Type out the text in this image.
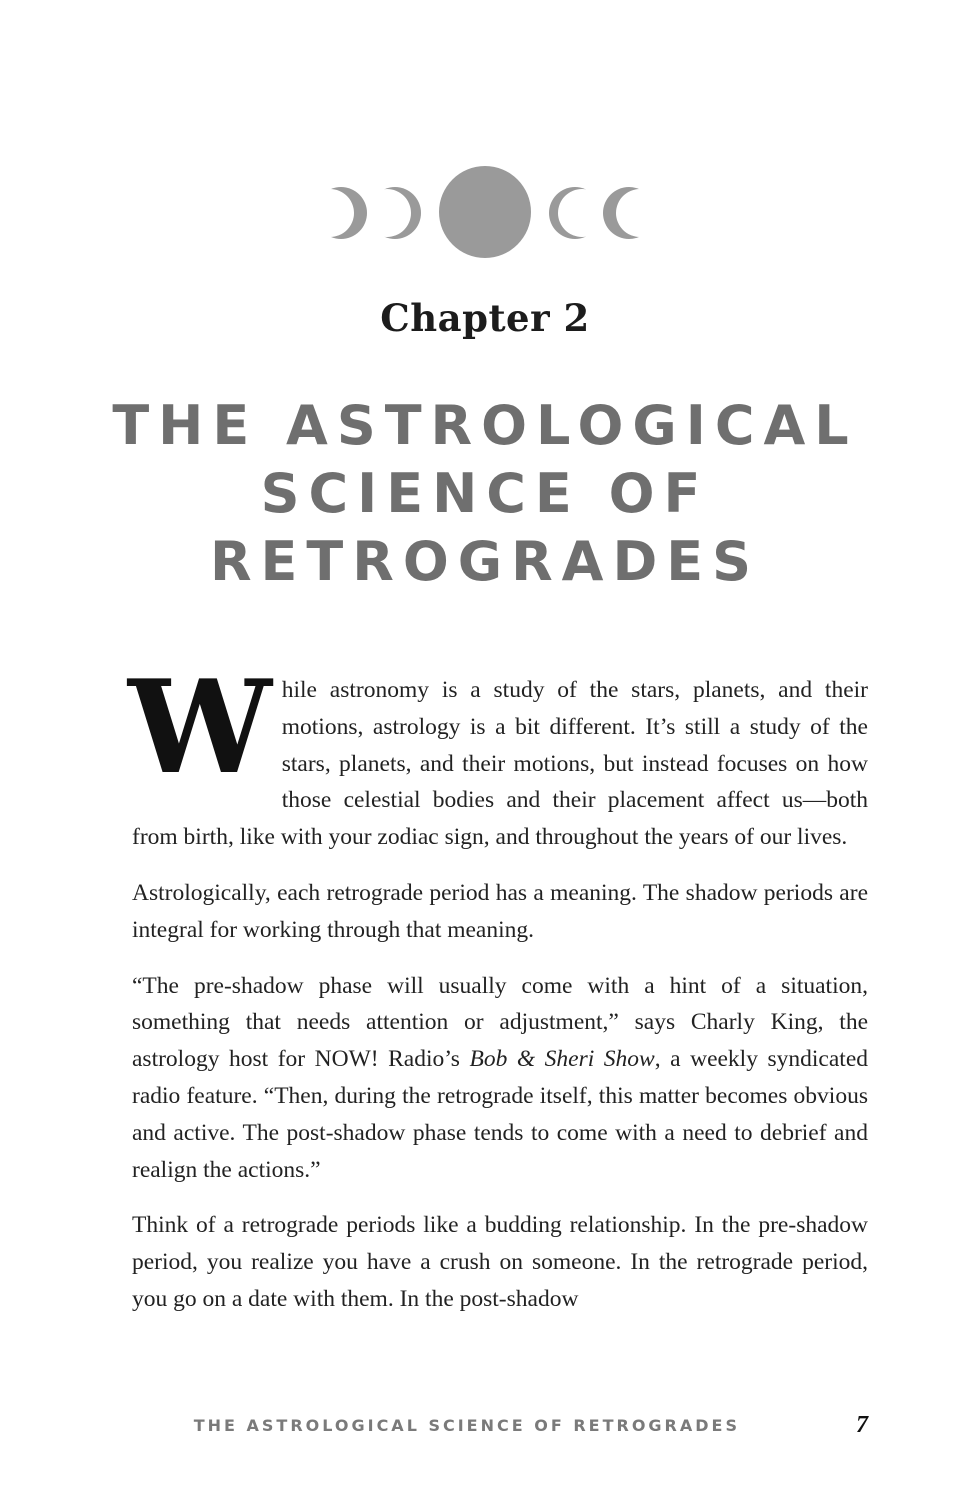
Chapter 2
THE ASTROLOGICAL
SCIENCE OF
RETROGRADES

While astronomy is a study of the stars, planets, and their motions, astrology is a bit different. It’s still a study of the stars, planets, and their motions, but instead focuses on how those celestial bodies and their placement affect us—both from birth, like with your zodiac sign, and throughout the years of our lives.

Astrologically, each retrograde period has a meaning. The shadow periods are integral for working through that meaning.

“The pre-shadow phase will usually come with a hint of a situation, something that needs attention or adjustment,” says Charly King, the astrology host for NOW! Radio’s Bob & Sheri Show, a weekly syndicated radio feature. “Then, during the retrograde itself, this matter becomes obvious and active. The post-shadow phase tends to come with a need to debrief and realign the actions.”

Think of a retrograde periods like a budding relationship. In the pre-shadow period, you realize you have a crush on someone. In the retrograde period, you go on a date with them. In the post-shadow

THE ASTROLOGICAL SCIENCE OF RETROGRADES	7
